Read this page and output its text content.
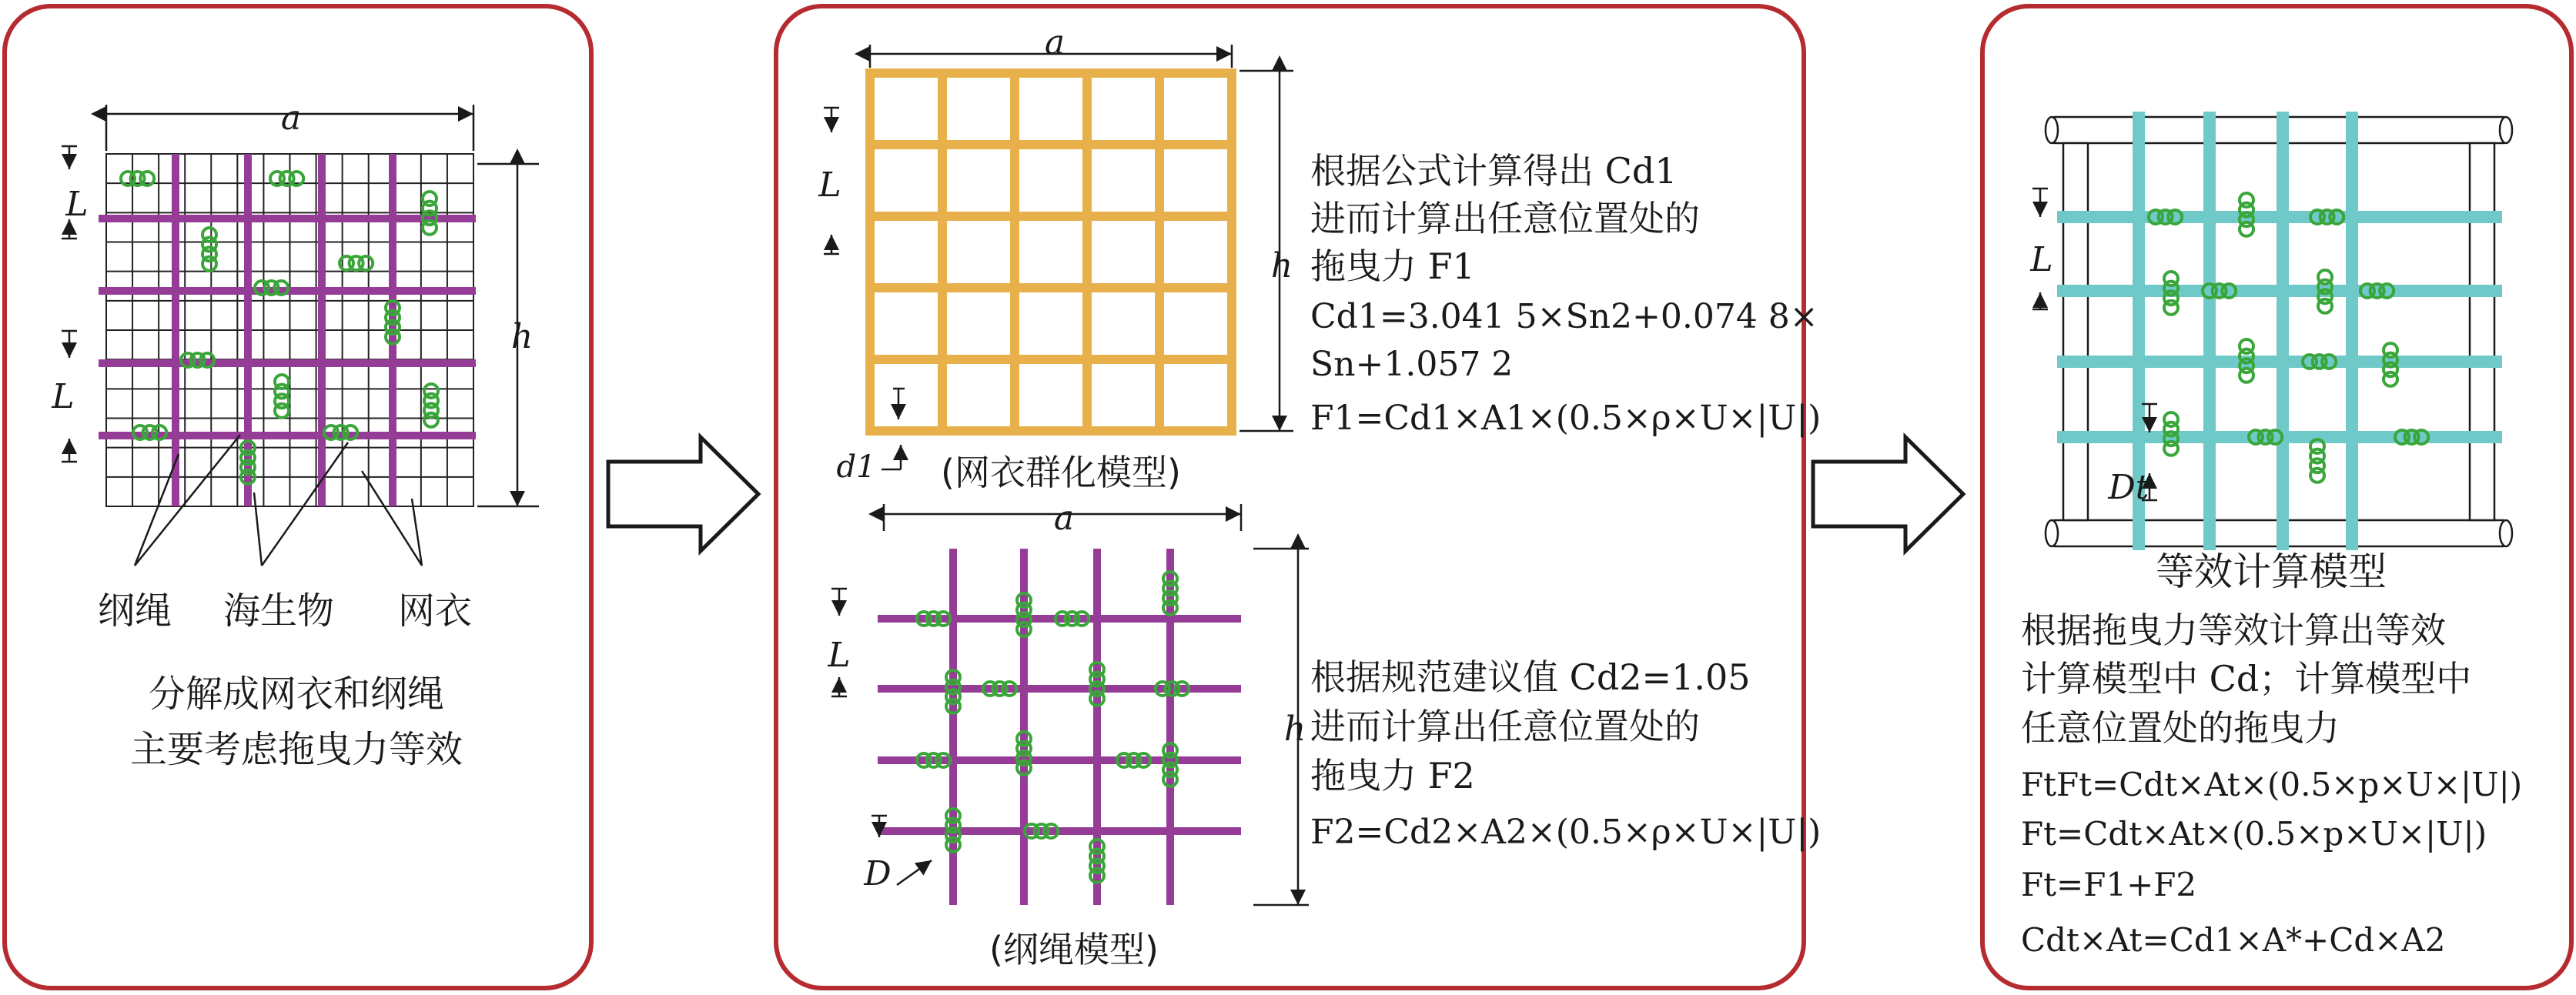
a
h
L
L
纲绳 海生物 网衣
分解成网衣和纲绳
主要考虑拖曳力等效
a
h
L
d1 (网衣群化模型)
根据公式计算得出 Cd1
进而计算出任意位置处的
拖曳力 F1
Cd1=3.041 5×Sn2+0.074 8×
Sn+1.057 2
F1=Cd1×A1×(0.5×ρ×U×|U|)
a
h
L
D
(纲绳模型)
根据规范建议值 Cd2=1.05
进而计算出任意位置处的
拖曳力 F2
F2=Cd2×A2×(0.5×ρ×U×|U|)
L
Dt
等效计算模型
根据拖曳力等效计算出等效
计算模型中 Cd；计算模型中
任意位置处的拖曳力
FtFt=Cdt×At×(0.5×p×U×|U|)
Ft=Cdt×At×(0.5×p×U×|U|)
Ft=F1+F2
Cdt×At=Cd1×A*+Cd×A2
